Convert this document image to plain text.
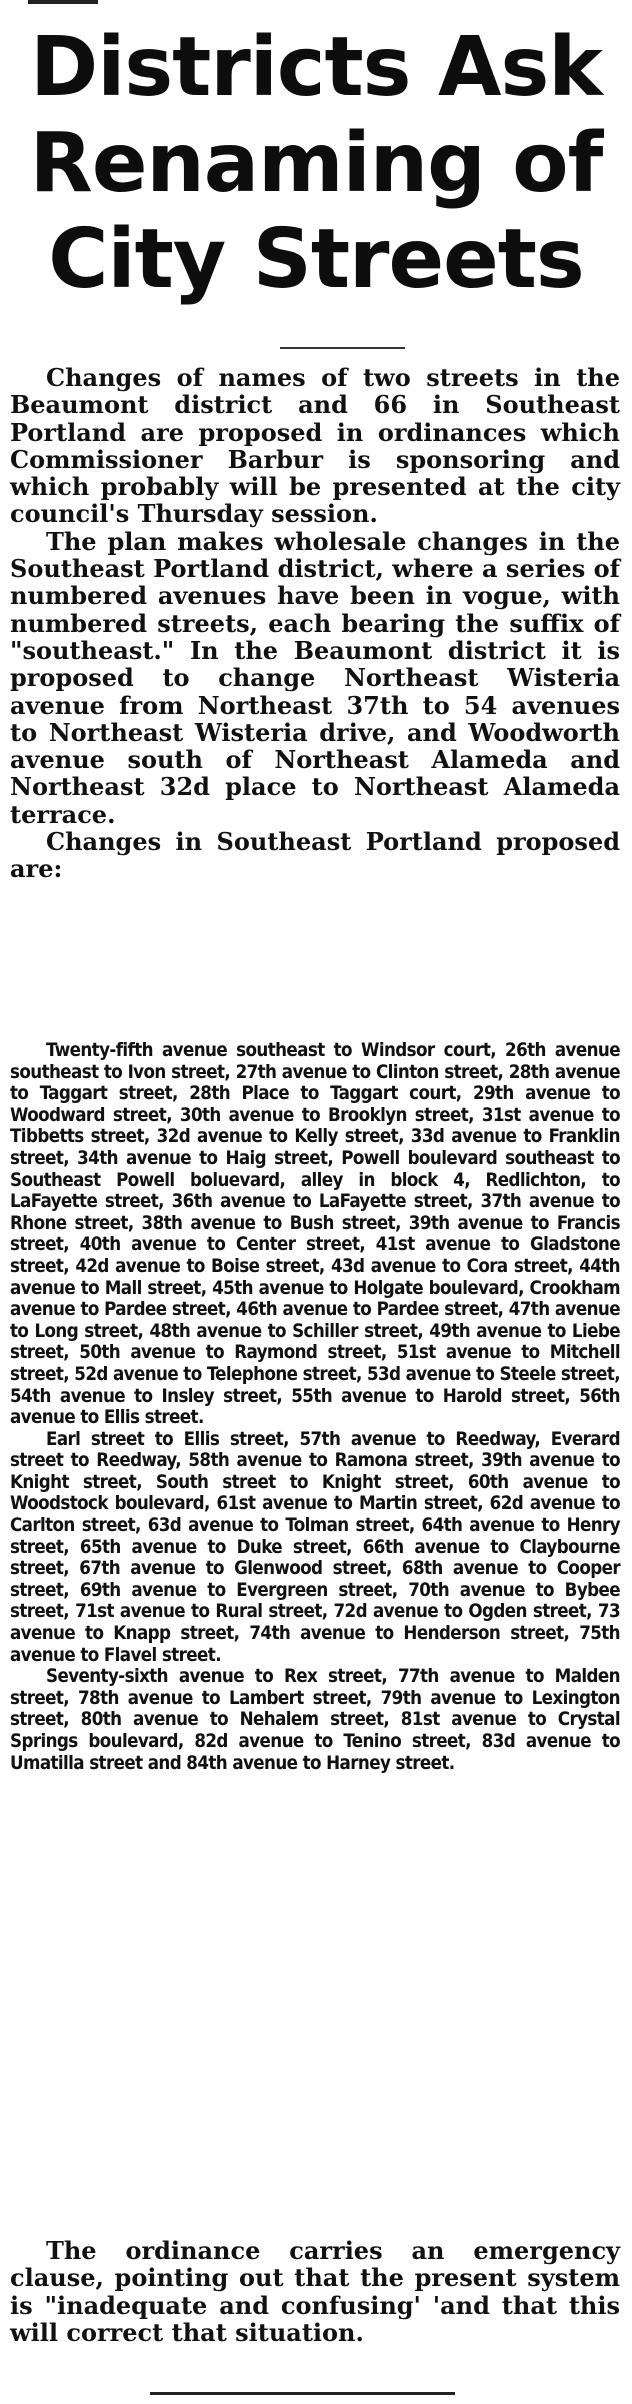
Districts Ask
Renaming of
City Streets

Changes of names of two streets in the Beaumont district and 66 in Southeast Portland are proposed in ordinances which Commissioner Barbur is sponsoring and which probably will be presented at the city council's Thursday session.

The plan makes wholesale changes in the Southeast Portland district, where a series of numbered avenues have been in vogue, with numbered streets, each bearing the suffix of "southeast." In the Beaumont district it is proposed to change Northeast Wisteria avenue from Northeast 37th to 54 avenues to Northeast Wisteria drive, and Woodworth avenue south of Northeast Alameda and Northeast 32d place to Northeast Alameda terrace.

Changes in Southeast Portland proposed are:

Twenty-fifth avenue southeast to Windsor court, 26th avenue southeast to Ivon street, 27th avenue to Clinton street, 28th avenue to Taggart street, 28th Place to Taggart court, 29th avenue to Woodward street, 30th avenue to Brooklyn street, 31st avenue to Tibbetts street, 32d avenue to Kelly street, 33d avenue to Franklin street, 34th avenue to Haig street, Powell boulevard southeast to Southeast Powell boluevard, alley in block 4, Redlichton, to LaFayette street, 36th avenue to LaFayette street, 37th avenue to Rhone street, 38th avenue to Bush street, 39th avenue to Francis street, 40th avenue to Center street, 41st avenue to Gladstone street, 42d avenue to Boise street, 43d avenue to Cora street, 44th avenue to Mall street, 45th avenue to Holgate boulevard, Crookham avenue to Pardee street, 46th avenue to Pardee street, 47th avenue to Long street, 48th avenue to Schiller street, 49th avenue to Liebe street, 50th avenue to Raymond street, 51st avenue to Mitchell street, 52d avenue to Telephone street, 53d avenue to Steele street, 54th avenue to Insley street, 55th avenue to Harold street, 56th avenue to Ellis street.

Earl street to Ellis street, 57th avenue to Reedway, Everard street to Reedway, 58th avenue to Ramona street, 39th avenue to Knight street, South street to Knight street, 60th avenue to Woodstock boulevard, 61st avenue to Martin street, 62d avenue to Carlton street, 63d avenue to Tolman street, 64th avenue to Henry street, 65th avenue to Duke street, 66th avenue to Claybourne street, 67th avenue to Glenwood street, 68th avenue to Cooper street, 69th avenue to Evergreen street, 70th avenue to Bybee street, 71st avenue to Rural street, 72d avenue to Ogden street, 73 avenue to Knapp street, 74th avenue to Henderson street, 75th avenue to Flavel street.

Seventy-sixth avenue to Rex street, 77th avenue to Malden street, 78th avenue to Lambert street, 79th avenue to Lexington street, 80th avenue to Nehalem street, 81st avenue to Crystal Springs boulevard, 82d avenue to Tenino street, 83d avenue to Umatilla street and 84th avenue to Harney street.

The ordinance carries an emergency clause, pointing out that the present system is "inadequate and confusing' 'and that this will correct that situation.
